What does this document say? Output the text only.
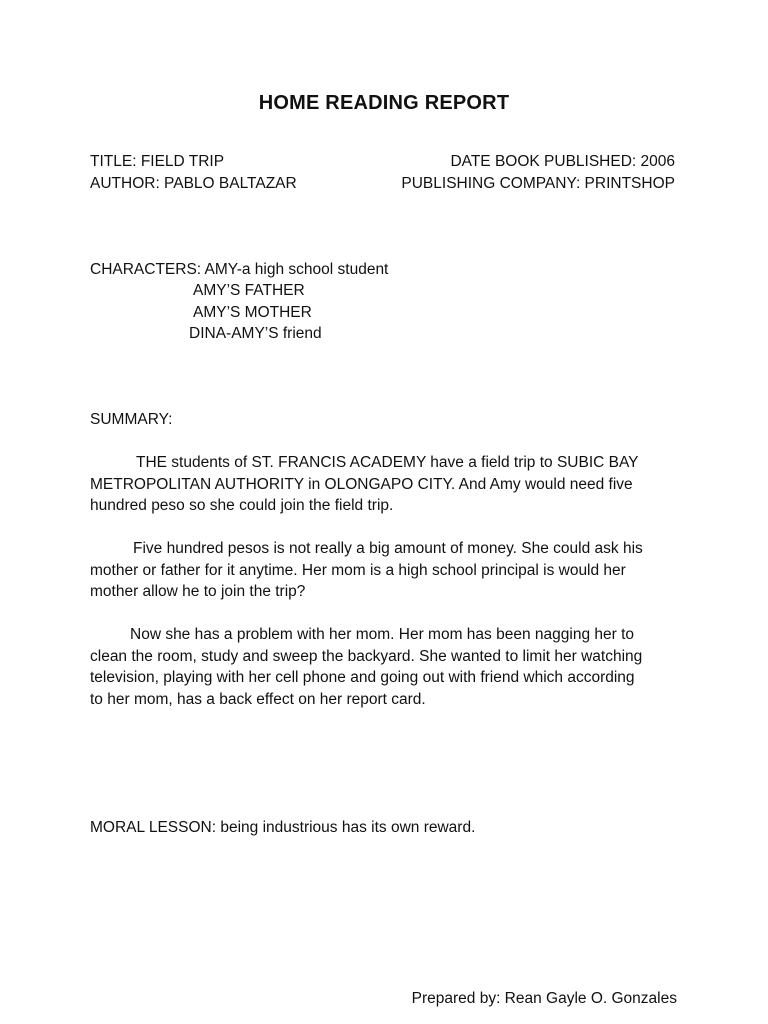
HOME READING REPORT
TITLE: FIELD TRIP
AUTHOR: PABLO BALTAZAR
DATE BOOK PUBLISHED: 2006
PUBLISHING COMPANY: PRINTSHOP
CHARACTERS: AMY-a high school student
AMY’S FATHER
AMY’S MOTHER
DINA-AMY’S friend
SUMMARY:
THE students of ST. FRANCIS ACADEMY have a field trip to SUBIC BAY
METROPOLITAN AUTHORITY in OLONGAPO CITY. And Amy would need five
hundred peso so she could join the field trip.
Five hundred pesos is not really a big amount of money. She could ask his
mother or father for it anytime. Her mom is a high school principal is would her
mother allow he to join the trip?
Now she has a problem with her mom. Her mom has been nagging her to
clean the room, study and sweep the backyard. She wanted to limit her watching
television, playing with her cell phone and going out with friend which according
to her mom, has a back effect on her report card.
MORAL LESSON: being industrious has its own reward.
Prepared by: Rean Gayle O. Gonzales
